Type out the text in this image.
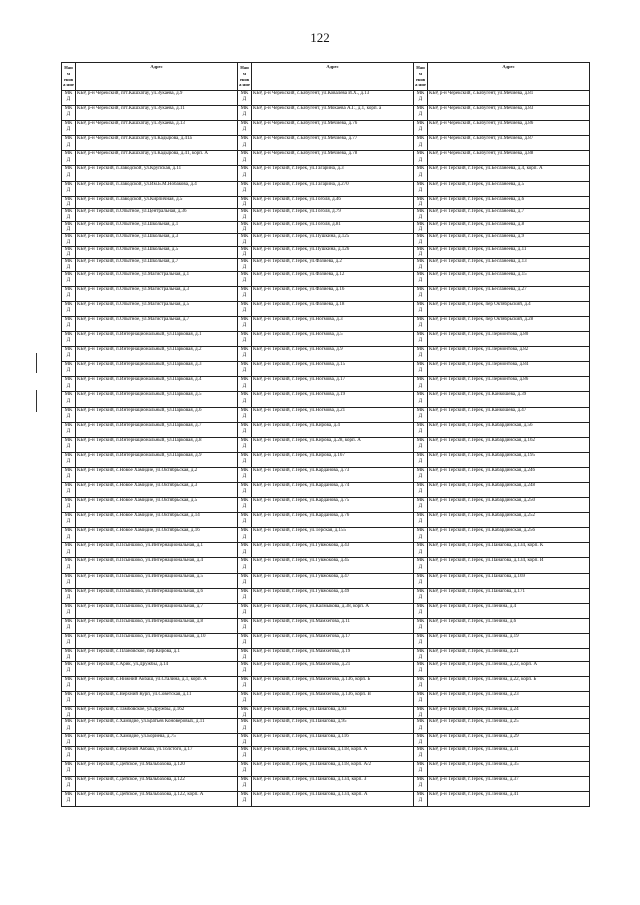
122
Наим енова ние	Адрес	Наим енова ние	Адрес	Наим енова ние	Адрес
МКД	КБР, р-н Черекский, пгт.Кашхатау, ул.Зукаева, д.9	МКД	КБР, р-н Черекский, с.Бабугент, ул.Ковалева И.Х., д.13	МКД	КБР, р-н Черекский, с.Бабугент, ул.Мечиева, д.81
МКД	КБР, р-н Черекский, пгт.Кашхатау, ул.Зукаева, д.11	МКД	КБР, р-н Черекский, с.Бабугент, ул.Мокаева А.Г., д.1, корп. а	МКД	КБР, р-н Черекский, с.Бабугент, ул.Мечиева, д.83
МКД	КБР, р-н Черекский, пгт.Кашхатау, ул.Зукаева, д.13	МКД	КБР, р-н Черекский, с.Бабугент, ул.Мечиева, д.76	МКД	КБР, р-н Черекский, с.Бабугент, ул.Мечиева, д.86
МКД	КБР, р-н Черекский, пгт.Кашхатау, ул.Кадырова, д.41а	МКД	КБР, р-н Черекский, с.Бабугент, ул.Мечиева, д.77	МКД	КБР, р-н Черекский, с.Бабугент, ул.Мечиева, д.87
МКД	КБР, р-н Черекский, пгт.Кашхатау, ул.Кадырова, д.41, корп. А	МКД	КБР, р-н Черекский, с.Бабугент, ул.Мечиева, д.78	МКД	КБР, р-н Черекский, с.Бабугент, ул.Мечиева, д.88
МКД	КБР, р-н Терский, п.Заводской, ул.Крупская, д.11	МКД	КБР, р-н Терский, г.Терек, ул.Гагарина, д.3	МКД	КБР, р-н Терский, г.Терек, ул.Бесланеева, д.4, корп. А
МКД	КБР, р-н Терский, п.Заводской, ул.Им.Б.М.Нобакова, д.4	МКД	КБР, р-н Терский, г.Терек, ул.Гагарина, д.270	МКД	КБР, р-н Терский, г.Терек, ул.Бесланеева, д.5
МКД	КБР, р-н Терский, п.Заводской, ул.Кирпичная, д.5	МКД	КБР, р-н Терский, г.Терек, ул.Гоголя, д.46	МКД	КБР, р-н Терский, г.Терек, ул.Бесланеева, д.6
МКД	КБР, р-н Терский, п.Опытное, ул.Центральная, д.36	МКД	КБР, р-н Терский, г.Терек, ул.Гоголя, д.79	МКД	КБР, р-н Терский, г.Терек, ул.Бесланеева, д.7
МКД	КБР, р-н Терский, п.Опытное, ул.Школьная, д.1	МКД	КБР, р-н Терский, г.Терек, ул.Гоголя, д.81	МКД	КБР, р-н Терский, г.Терек, ул.Бесланеева, д.8
МКД	КБР, р-н Терский, п.Опытное, ул.Школьная, д.3	МКД	КБР, р-н Терский, г.Терек, ул.Пушкина, д.125	МКД	КБР, р-н Терский, г.Терек, ул.Бесланеева, д.9
МКД	КБР, р-н Терский, п.Опытное, ул.Школьная, д.5	МКД	КБР, р-н Терский, г.Терек, ул.Пушкина, д.126	МКД	КБР, р-н Терский, г.Терек, ул.Бесланеева, д.11
МКД	КБР, р-н Терский, п.Опытное, ул.Школьная, д.7	МКД	КБР, р-н Терский, г.Терек, ул.Фазиева, д.2	МКД	КБР, р-н Терский, г.Терек, ул.Бесланеева, д.13
МКД	КБР, р-н Терский, п.Опытное, ул.Магистральная, д.1	МКД	КБР, р-н Терский, г.Терек, ул.Фазиева, д.12	МКД	КБР, р-н Терский, г.Терек, ул.Бесланеева, д.15
МКД	КБР, р-н Терский, п.Опытное, ул.Магистральная, д.3	МКД	КБР, р-н Терский, г.Терек, ул.Фазиева, д.16	МКД	КБР, р-н Терский, г.Терек, ул.Бесланеева, д.27
МКД	КБР, р-н Терский, п.Опытное, ул.Магистральная, д.5	МКД	КБР, р-н Терский, г.Терек, ул.Фазиева, д.18	МКД	КБР, р-н Терский, г.Терек, пер Октябрьский, д.4
МКД	КБР, р-н Терский, п.Опытное, ул.Магистральная, д.7	МКД	КБР, р-н Терский, г.Терек, ул.Ногмова, д.3	МКД	КБР, р-н Терский, г.Терек, пер Октябрьский, д.28
МКД	КБР, р-н Терский, п.Интернациональный, ул.Парковая, д.1	МКД	КБР, р-н Терский, г.Терек, ул.Ногмова, д.5	МКД	КБР, р-н Терский, г.Терек, ул.Лермонтова, д.80
МКД	КБР, р-н Терский, п.Интернациональный, ул.Парковая, д.2	МКД	КБР, р-н Терский, г.Терек, ул.Ногмова, д.9	МКД	КБР, р-н Терский, г.Терек, ул.Лермонтова, д.82
МКД	КБР, р-н Терский, п.Интернациональный, ул.Парковая, д.3	МКД	КБР, р-н Терский, г.Терек, ул.Ногмова, д.15	МКД	КБР, р-н Терский, г.Терек, ул.Лермонтова, д.84
МКД	КБР, р-н Терский, п.Интернациональный, ул.Парковая, д.4	МКД	КБР, р-н Терский, г.Терек, ул.Ногмова, д.17	МКД	КБР, р-н Терский, г.Терек, ул.Лермонтова, д.86
МКД	КБР, р-н Терский, п.Интернациональный, ул.Парковая, д.5	МКД	КБР, р-н Терский, г.Терек, ул.Ногмова, д.19	МКД	КБР, р-н Терский, г.Терек, ул.Канкошева, д.39
МКД	КБР, р-н Терский, п.Интернациональный, ул.Парковая, д.6	МКД	КБР, р-н Терский, г.Терек, ул.Ногмова, д.21	МКД	КБР, р-н Терский, г.Терек, ул.Канкошева, д.47
МКД	КБР, р-н Терский, п.Интернациональный, ул.Парковая, д.7	МКД	КБР, р-н Терский, г.Терек, ул.Кирова, д.4	МКД	КБР, р-н Терский, г.Терек, ул.Кабардинская, д.56
МКД	КБР, р-н Терский, п.Интернациональный, ул.Парковая, д.8	МКД	КБР, р-н Терский, г.Терек, ул.Кирова, д.28, корп. А	МКД	КБР, р-н Терский, г.Терек, ул.Кабардинская, д.162
МКД	КБР, р-н Терский, п.Интернациональный, ул.Парковая, д.9	МКД	КБР, р-н Терский, г.Терек, ул.Кирова, д.167	МКД	КБР, р-н Терский, г.Терек, ул.Кабардинская, д.195
МКД	КБР, р-н Терский, с.Новое Хамидие, ул.Октябрьская, д.2	МКД	КБР, р-н Терский, г.Терек, ул.Карданова, д.73	МКД	КБР, р-н Терский, г.Терек, ул.Кабардинская, д.246
МКД	КБР, р-н Терский, с.Новое Хамидие, ул.Октябрьская, д.3	МКД	КБР, р-н Терский, г.Терек, ул.Карданова, д.74	МКД	КБР, р-н Терский, г.Терек, ул.Кабардинская, д.248
МКД	КБР, р-н Терский, с.Новое Хамидие, ул.Октябрьская, д.5	МКД	КБР, р-н Терский, г.Терек, ул.Карданова, д.75	МКД	КБР, р-н Терский, г.Терек, ул.Кабардинская, д.250
МКД	КБР, р-н Терский, с.Новое Хамидие, ул.Октябрьская, д.14	МКД	КБР, р-н Терский, г.Терек, ул.Карданова, д.76	МКД	КБР, р-н Терский, г.Терек, ул.Кабардинская, д.252
МКД	КБР, р-н Терский, с.Новое Хамидие, ул.Октябрьская, д.16	МКД	КБР, р-н Терский, г.Терек, ул.Терская, д.155	МКД	КБР, р-н Терский, г.Терек, ул.Кабардинская, д.256
МКД	КБР, р-н Терский, п.Псыншоко, ул.Интернациональная, д.1	МКД	КБР, р-н Терский, г.Терек, ул.Гувжокова, д.43	МКД	КБР, р-н Терский, г.Терек, ул.Панагова, д.134, корп. К
МКД	КБР, р-н Терский, п.Псыншоко, ул.Интернациональная, д.4	МКД	КБР, р-н Терский, г.Терек, ул.Гувжокова, д.45	МКД	КБР, р-н Терский, г.Терек, ул.Панагова, д.134, корп. И
МКД	КБР, р-н Терский, п.Псыншоко, ул.Интернациональная, д.5	МКД	КБР, р-н Терский, г.Терек, ул.Гувжокова, д.47	МКД	КБР, р-н Терский, г.Терек, ул.Панагова, д.169
МКД	КБР, р-н Терский, п.Псыншоко, ул.Интернациональная, д.6	МКД	КБР, р-н Терский, г.Терек, ул.Гувжокова, д.49	МКД	КБР, р-н Терский, г.Терек, ул.Панагова, д.171
МКД	КБР, р-н Терский, п.Псыншоко, ул.Интернациональная, д.7	МКД	КБР, р-н Терский, г.Терек, ул.Калмыкова, д.38, корп. А	МКД	КБР, р-н Терский, г.Терек, ул.Ленина, д.4
МКД	КБР, р-н Терский, п.Псыншоко, ул.Интернациональная, д.8	МКД	КБР, р-н Терский, г.Терек, ул.Мамхегова, д.11	МКД	КБР, р-н Терский, г.Терек, ул.Ленина, д.6
МКД	КБР, р-н Терский, п.Псыншоко, ул.Интернациональная, д.10	МКД	КБР, р-н Терский, г.Терек, ул.Мамхегова, д.17	МКД	КБР, р-н Терский, г.Терек, ул.Ленина, д.19
МКД	КБР, р-н Терский, с.Плановское, пер.Кирова, д.1	МКД	КБР, р-н Терский, г.Терек, ул.Мамхегова, д.19	МКД	КБР, р-н Терский, г.Терек, ул.Ленина, д.21
МКД	КБР, р-н Терский, с.Арик, ул.Дружбы, д.14	МКД	КБР, р-н Терский, г.Терек, ул.Мамхегова, д.21	МКД	КБР, р-н Терский, г.Терек, ул.Ленина, д.22, корп. А
МКД	КБР, р-н Терский, с.Нижний Акбаш, ул.Сталина, д.1, корп. А	МКД	КБР, р-н Терский, г.Терек, ул.Мамхегова, д.136, корп. Б	МКД	КБР, р-н Терский, г.Терек, ул.Ленина, д.22, корп. Б
МКД	КБР, р-н Терский, с.Верхний Курп, ул.Советская, д.11	МКД	КБР, р-н Терский, г.Терек, ул.Мамхегова, д.136, корп. В	МКД	КБР, р-н Терский, г.Терек, ул.Ленина, д.23
МКД	КБР, р-н Терский, с.Тамбовское, ул.Дружбы, д.162	МКД	КБР, р-н Терский, г.Терек, ул.Панагова, д.93	МКД	КБР, р-н Терский, г.Терек, ул.Ленина, д.24
МКД	КБР, р-н Терский, с.Хамидие, ул.Братьев Коноверовых, д.11	МКД	КБР, р-н Терский, г.Терек, ул.Панагова, д.95	МКД	КБР, р-н Терский, г.Терек, ул.Ленина, д.25
МКД	КБР, р-н Терский, с.Хамидие, ул.Бориева, д.75	МКД	КБР, р-н Терский, г.Терек, ул.Панагова, д.116	МКД	КБР, р-н Терский, г.Терек, ул.Ленина, д.29
МКД	КБР, р-н Терский, с.Верхний Акбаш, ул.Толстого, д.17	МКД	КБР, р-н Терский, г.Терек, ул.Панагова, д.118, корп. А	МКД	КБР, р-н Терский, г.Терек, ул.Ленина, д.31
МКД	КБР, р-н Терский, с.Дейское, ул.Мальбахова, д.120	МКД	КБР, р-н Терский, г.Терек, ул.Панагова, д.118, корп. А/2	МКД	КБР, р-н Терский, г.Терек, ул.Ленина, д.35
МКД	КБР, р-н Терский, с.Дейское, ул.Мальбахова, д.122	МКД	КБР, р-н Терский, г.Терек, ул.Панагова, д.134, корп. З	МКД	КБР, р-н Терский, г.Терек, ул.Ленина, д.37
МКД	КБР, р-н Терский, с.Дейское, ул.Мальбахова, д.122, корп. А	МКД	КБР, р-н Терский, г.Терек, ул.Панагова, д.134, корп. А	МКД	КБР, р-н Терский, г.Терек, ул.Ленина, д.41
